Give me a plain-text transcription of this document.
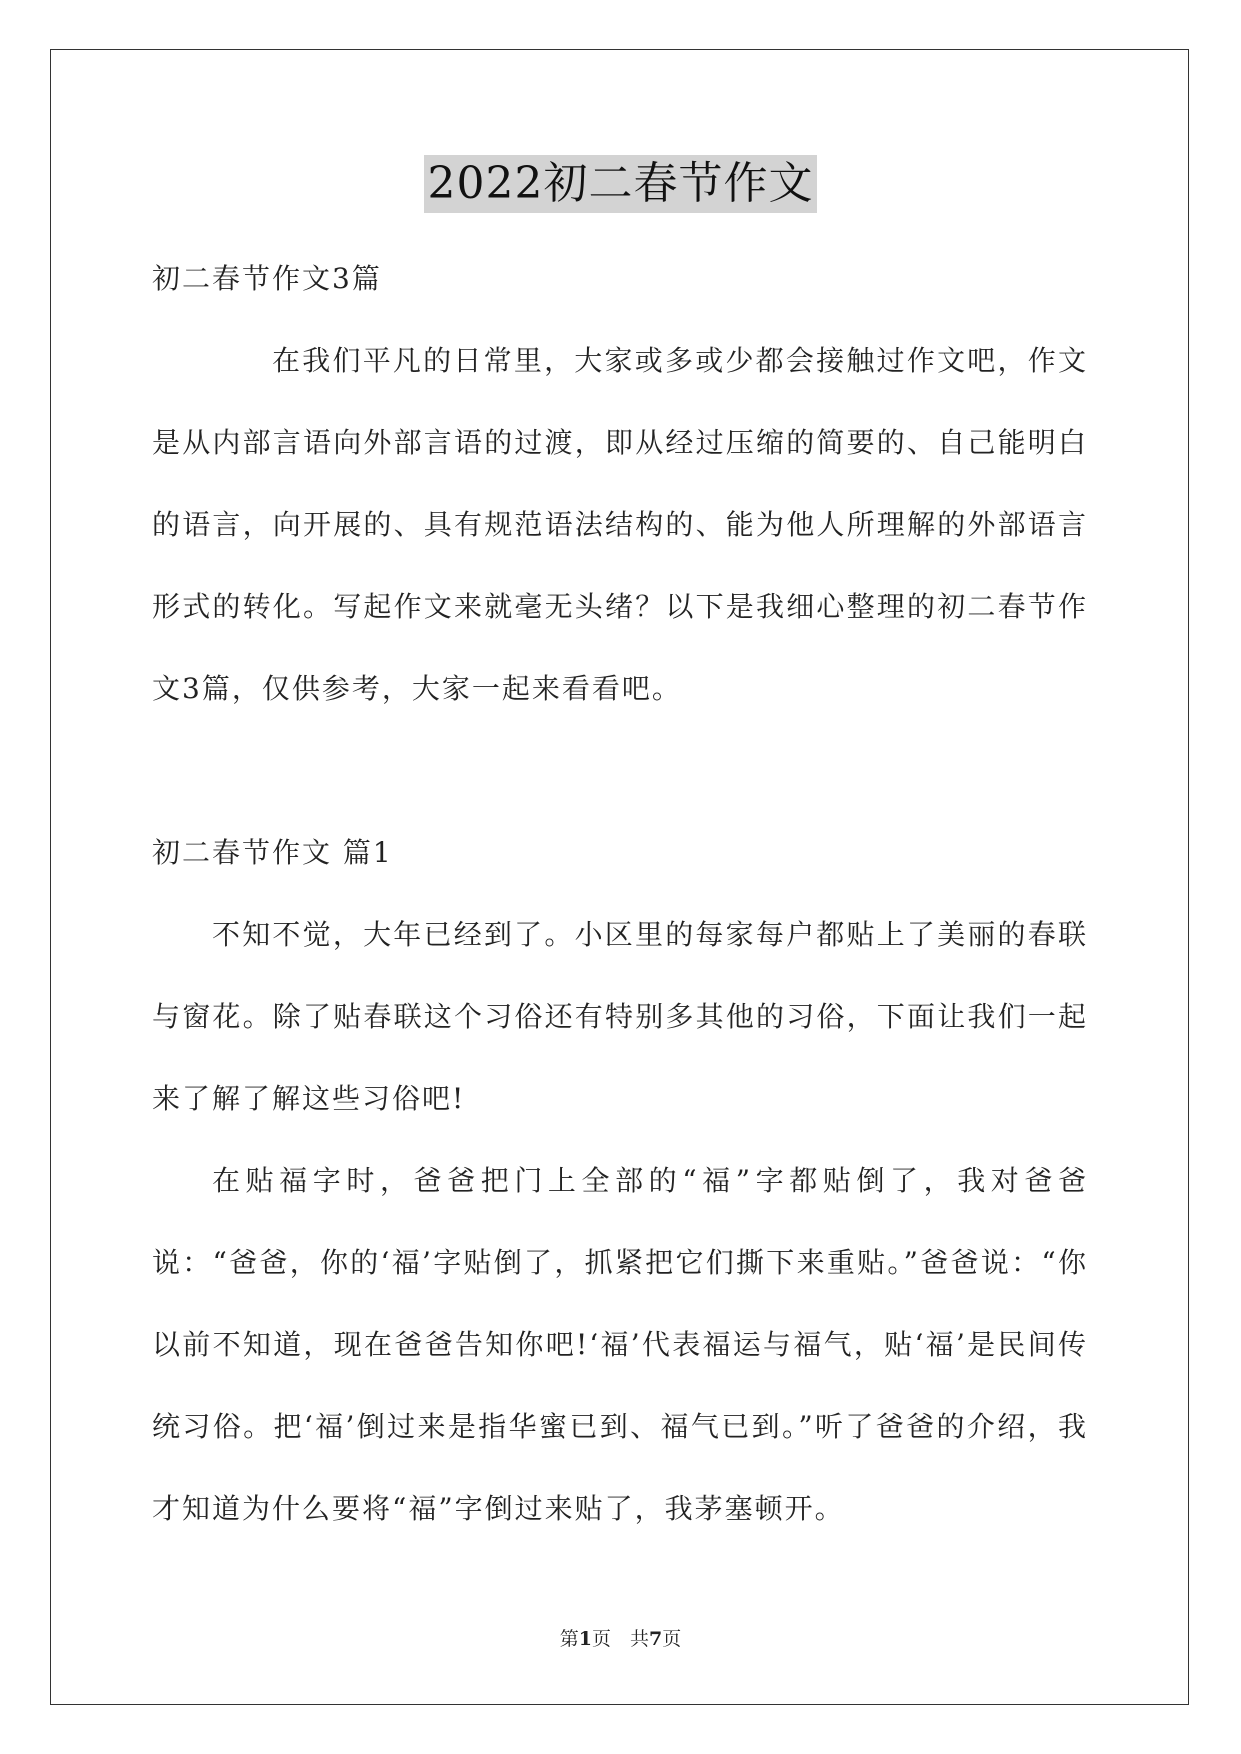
2022初二春节作文

初二春节作文3篇

在我们平凡的日常里，大家或多或少都会接触过作文吧，作文是从内部言语向外部言语的过渡，即从经过压缩的简要的、自己能明白的语言，向开展的、具有规范语法结构的、能为他人所理解的外部语言形式的转化。写起作文来就毫无头绪？以下是我细心整理的初二春节作文3篇，仅供参考，大家一起来看看吧。

初二春节作文 篇1

不知不觉，大年已经到了。小区里的每家每户都贴上了美丽的春联与窗花。除了贴春联这个习俗还有特别多其他的习俗，下面让我们一起来了解了解这些习俗吧!

在贴福字时，爸爸把门上全部的“福”字都贴倒了，我对爸爸说：“爸爸，你的‘福’字贴倒了，抓紧把它们撕下来重贴。”爸爸说：“你以前不知道，现在爸爸告知你吧!‘福’代表福运与福气，贴‘福’是民间传统习俗。把‘福’倒过来是指华蜜已到、福气已到。”听了爸爸的介绍，我才知道为什么要将“福”字倒过来贴了，我茅塞顿开。

第1页　共7页
